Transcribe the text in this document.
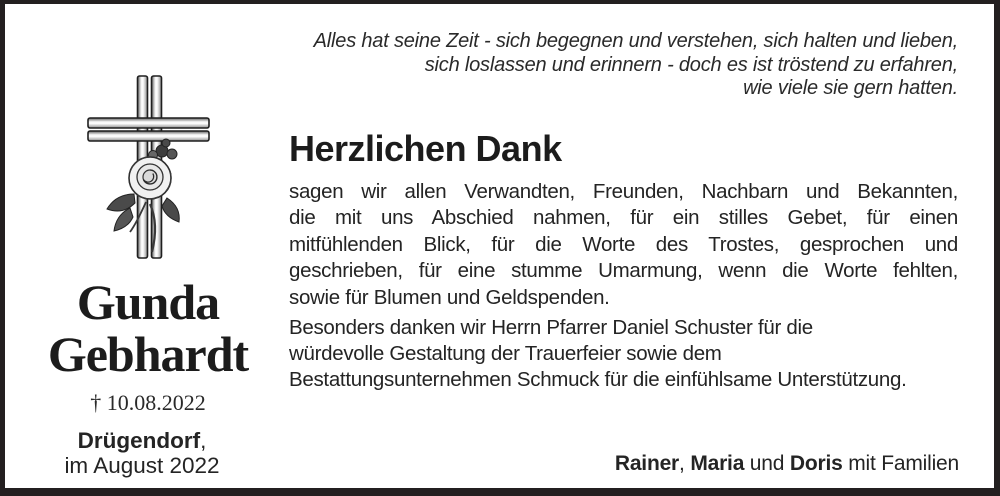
Alles hat seine Zeit - sich begegnen und verstehen, sich halten und lieben,
sich loslassen und erinnern - doch es ist tröstend zu erfahren,
wie viele sie gern hatten.
Herzlichen Dank
sagen wir allen Verwandten, Freunden, Nachbarn und Bekannten,
die mit uns Abschied nahmen, für ein stilles Gebet, für einen
mitfühlenden Blick, für die Worte des Trostes, gesprochen und
geschrieben, für eine stumme Umarmung, wenn die Worte fehlten,
sowie für Blumen und Geldspenden.
Besonders danken wir Herrn Pfarrer Daniel Schuster für die
würdevolle Gestaltung der Trauerfeier sowie dem
Bestattungsunternehmen Schmuck für die einfühlsame Unterstützung.
Gunda
Gebhardt
† 10.08.2022
Drügendorf,
im August 2022	Rainer, Maria und Doris mit Familien
